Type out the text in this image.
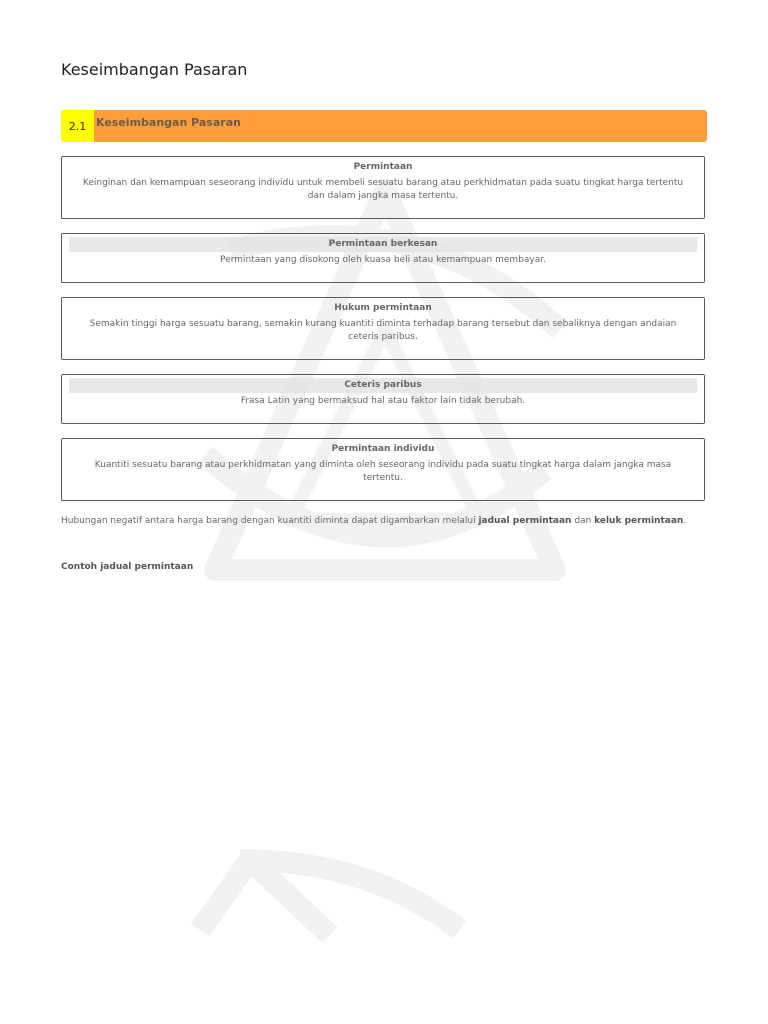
Keseimbangan Pasaran
2.1 Keseimbangan Pasaran
Permintaan
Keinginan dan kemampuan seseorang individu untuk membeli sesuatu barang atau perkhidmatan pada suatu tingkat harga tertentu dan dalam jangka masa tertentu.
Permintaan berkesan
Permintaan yang disokong oleh kuasa beli atau kemampuan membayar.
Hukum permintaan
Semakin tinggi harga sesuatu barang, semakin kurang kuantiti diminta terhadap barang tersebut dan sebaliknya dengan andaian ceteris paribus.
Ceteris paribus
Frasa Latin yang bermaksud hal atau faktor lain tidak berubah.
Permintaan individu
Kuantiti sesuatu barang atau perkhidmatan yang diminta oleh seseorang individu pada suatu tingkat harga dalam jangka masa tertentu.

Hubungan negatif antara harga barang dengan kuantiti diminta dapat digambarkan melalui jadual permintaan dan keluk permintaan.

Contoh jadual permintaan
